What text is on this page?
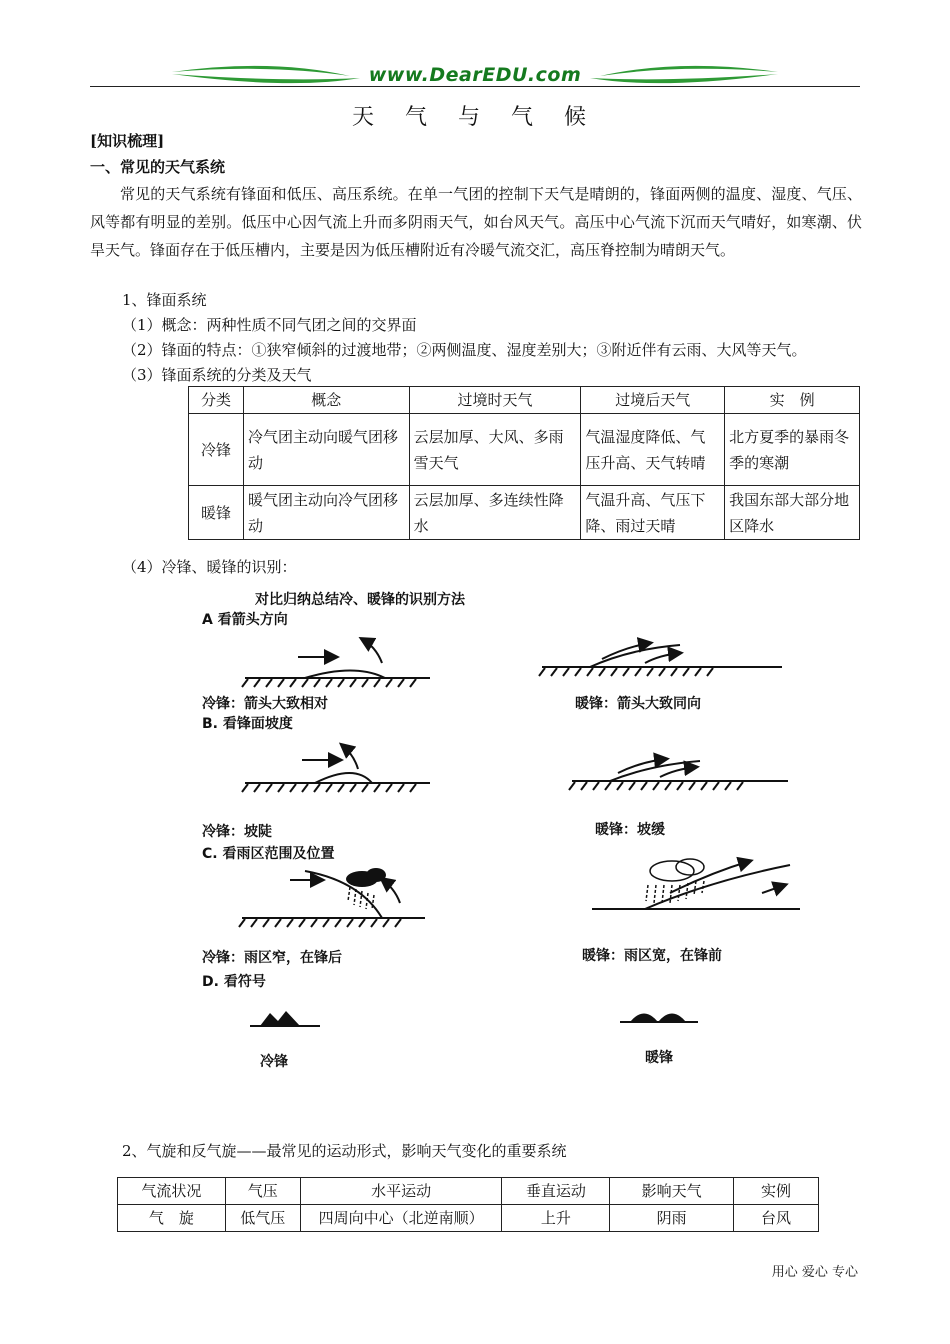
www.DearEDU.com
天 气 与 气 候
[知识梳理]
一、常见的天气系统
常见的天气系统有锋面和低压、高压系统。在单一气团的控制下天气是晴朗的，锋面两侧的温度、湿度、气压、风等都有明显的差别。低压中心因气流上升而多阴雨天气，如台风天气。高压中心气流下沉而天气晴好，如寒潮、伏旱天气。锋面存在于低压槽内，主要是因为低压槽附近有冷暖气流交汇，高压脊控制为晴朗天气。
1、锋面系统
（1）概念：两种性质不同气团之间的交界面
（2）锋面的特点：①狭窄倾斜的过渡地带；②两侧温度、湿度差别大；③附近伴有云雨、大风等天气。
（3）锋面系统的分类及天气
分类	概念	过境时天气	过境后天气	实　例
冷锋	冷气团主动向暖气团移动	云层加厚、大风、多雨雪天气	气温湿度降低、气压升高、天气转晴	北方夏季的暴雨冬季的寒潮
暖锋	暖气团主动向冷气团移动	云层加厚、多连续性降水	气温升高、气压下降、雨过天晴	我国东部大部分地区降水
（4）冷锋、暖锋的识别：
对比归纳总结冷、暖锋的识别方法
A 看箭头方向
冷锋：箭头大致相对	暖锋：箭头大致同向
B. 看锋面坡度
冷锋：坡陡	暖锋：坡缓
C. 看雨区范围及位置
冷锋：雨区窄，在锋后	暖锋：雨区宽，在锋前
D. 看符号
冷锋	暖锋
2、气旋和反气旋——最常见的运动形式，影响天气变化的重要系统
气流状况	气压	水平运动	垂直运动	影响天气	实例
气　旋	低气压	四周向中心（北逆南顺）	上升	阴雨	台风
用心 爱心 专心
